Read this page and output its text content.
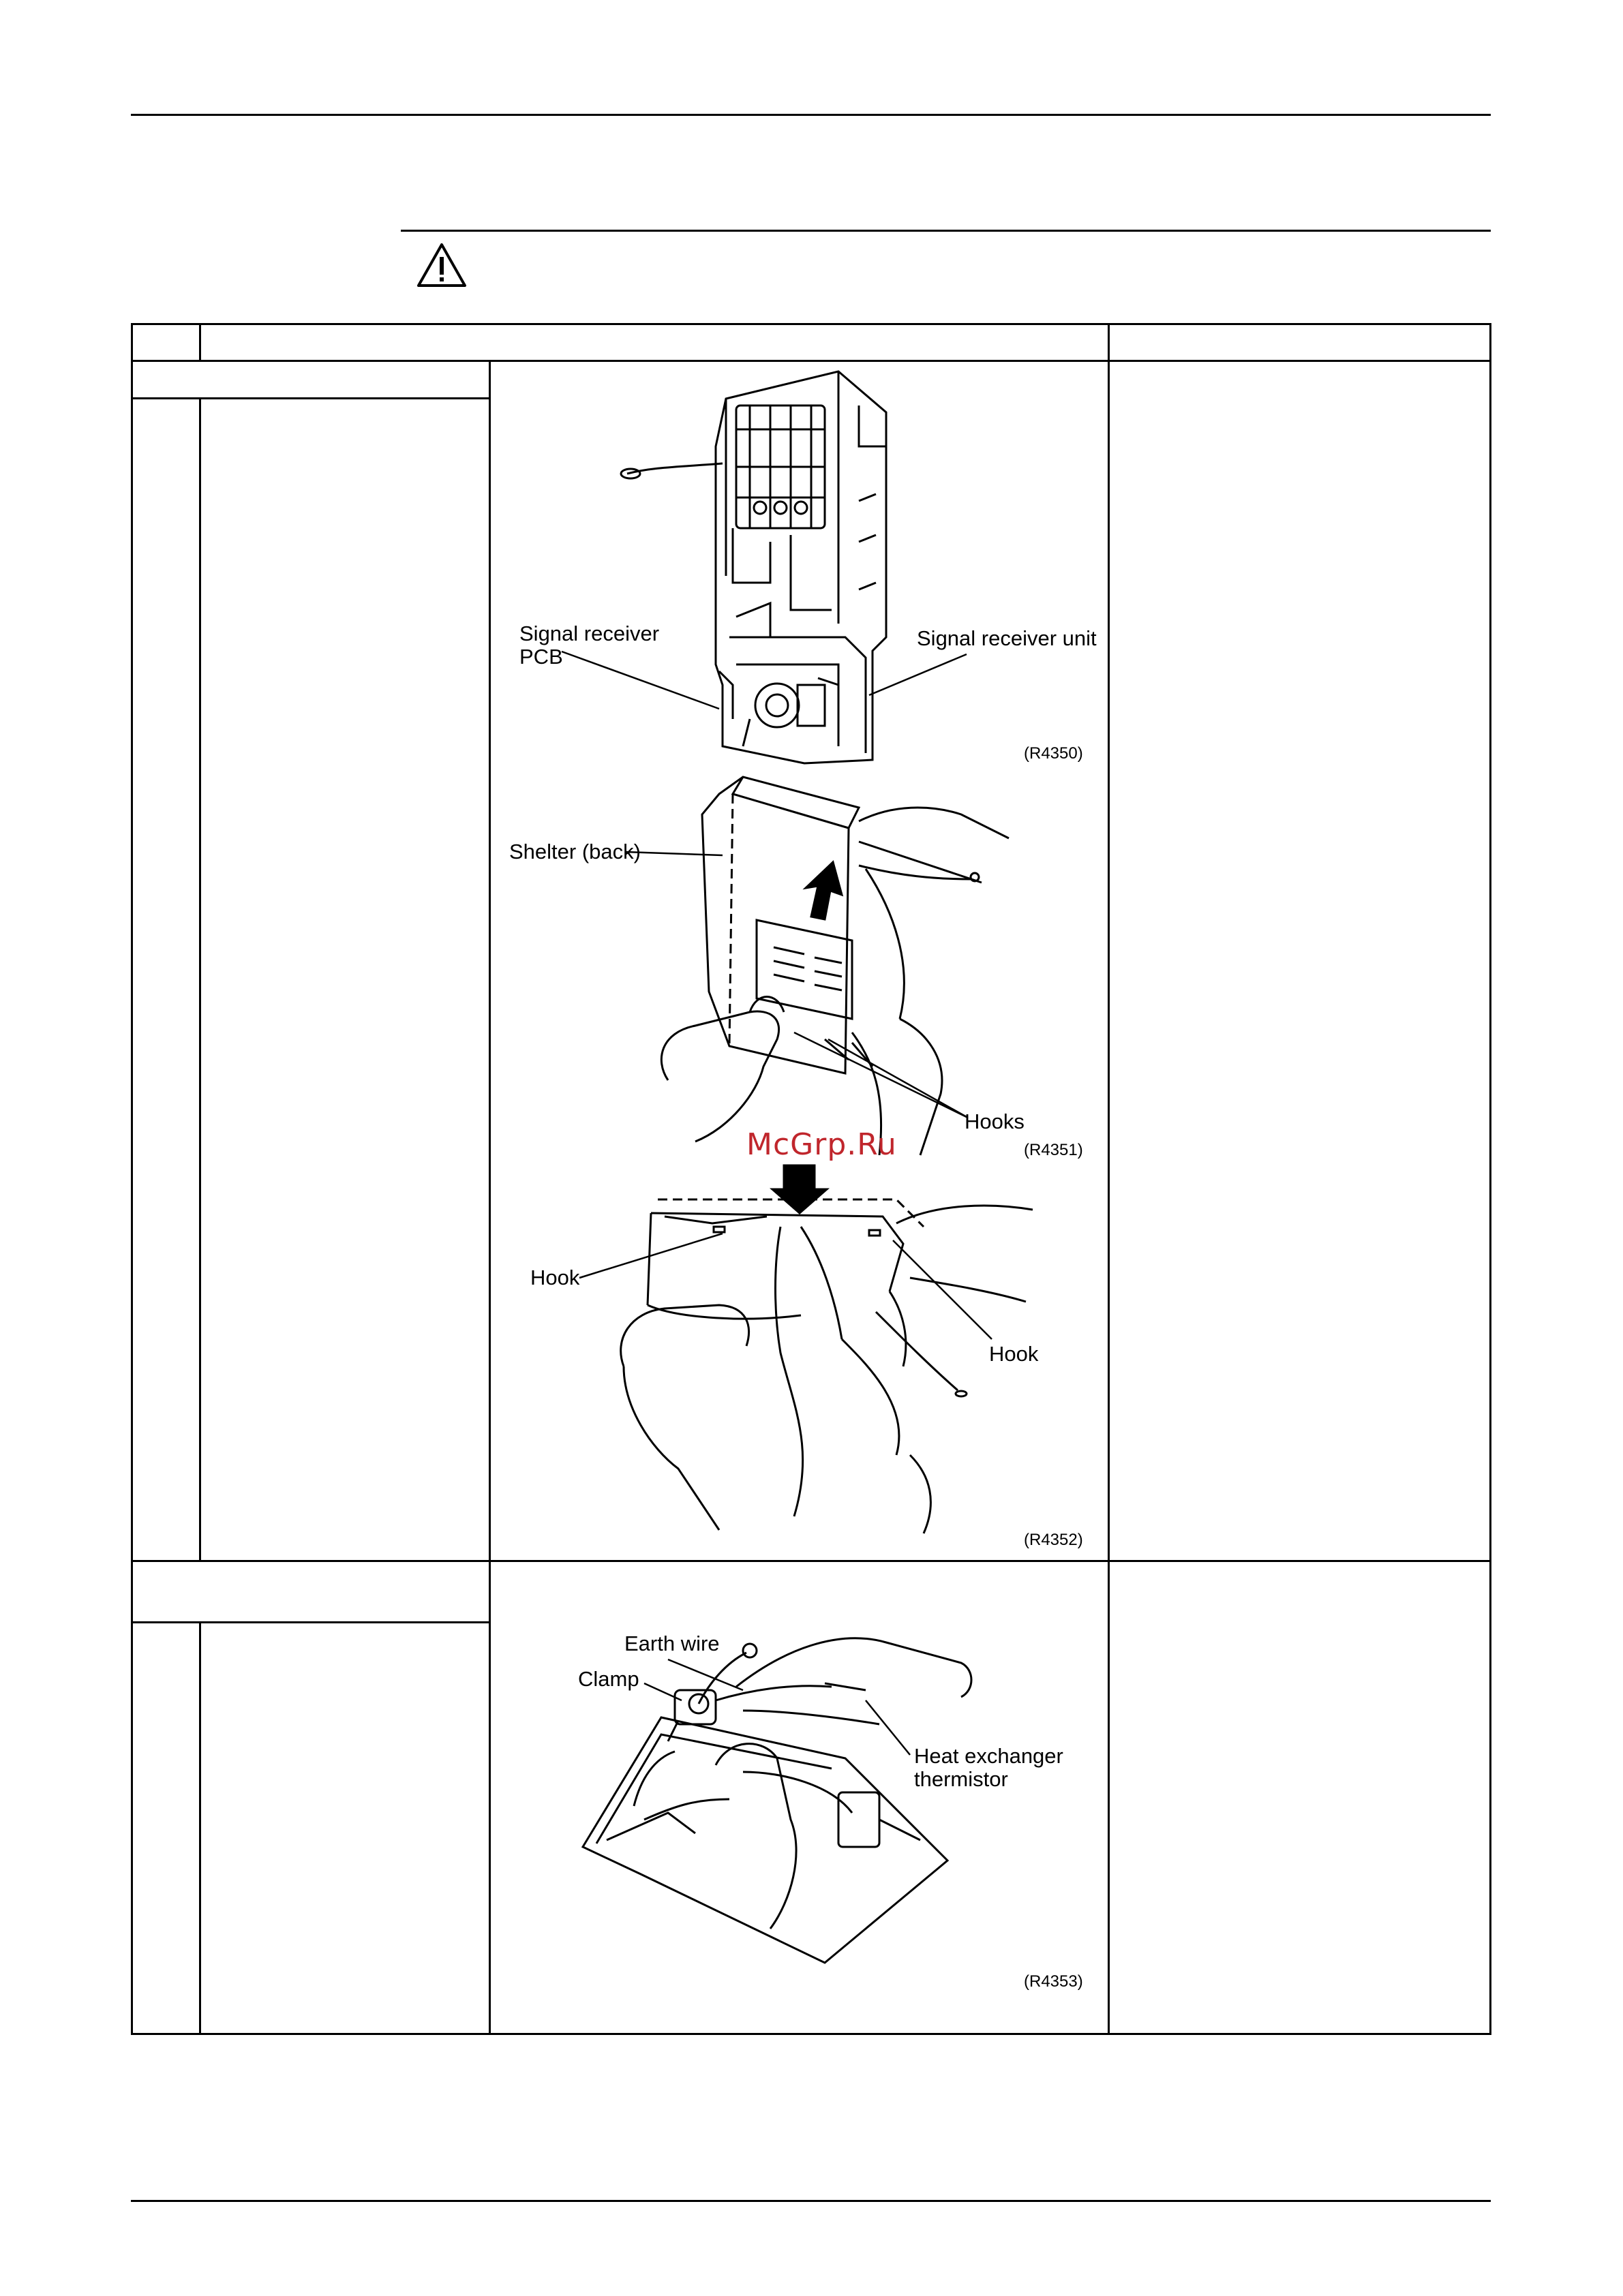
Signal receiver
PCB
Signal receiver unit
(R4350)
Shelter (back)
Hooks
(R4351)
McGrp.Ru
Hook
Hook
(R4352)
Earth wire
Clamp
Heat exchanger
thermistor
(R4353)
